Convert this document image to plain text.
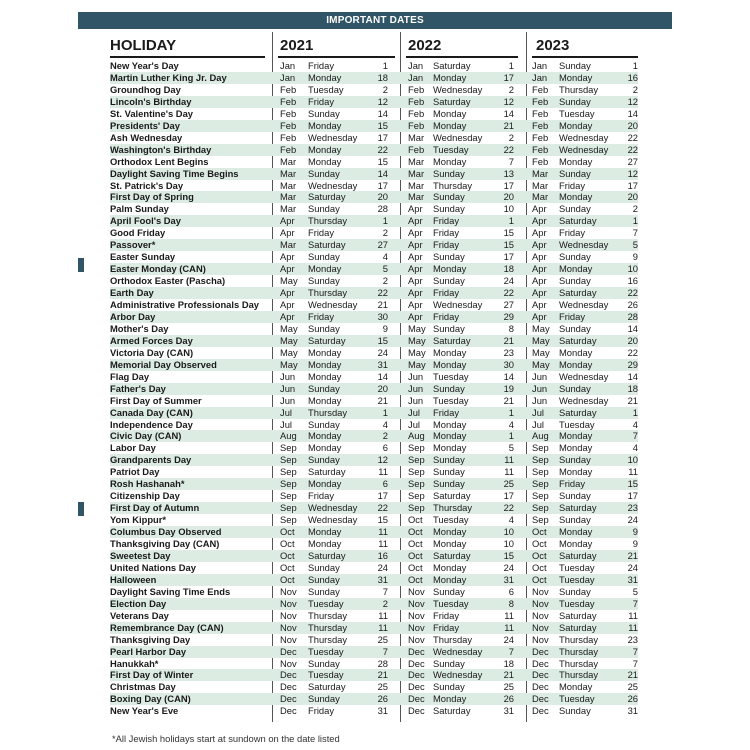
IMPORTANT DATES
HOLIDAY	2021	2022	2023
New Year's Day	Jan Friday	1 Jan Saturday	1 Jan Sunday	1
Martin Luther King Jr. Day	Jan Monday	18 Jan Monday	17 Jan Monday	16
Groundhog Day	Feb Tuesday	2 Feb Wednesday	2 Feb Thursday	2
Lincoln's Birthday	Feb Friday	12 Feb Saturday	12 Feb Sunday	12
St. Valentine's Day	Feb Sunday	14 Feb Monday	14 Feb Tuesday	14
Presidents' Day	Feb Monday	15 Feb Monday	21 Feb Monday	20
Ash Wednesday	Feb Wednesday	17 Mar Wednesday	2 Feb Wednesday	22
Washington's Birthday	Feb Monday	22 Feb Tuesday	22 Feb Wednesday	22
Orthodox Lent Begins	Mar Monday	15 Mar Monday	7 Feb Monday	27
Daylight Saving Time Begins	Mar Sunday	14 Mar Sunday	13 Mar Sunday	12
St. Patrick's Day	Mar Wednesday	17 Mar Thursday	17 Mar Friday	17
First Day of Spring	Mar Saturday	20 Mar Sunday	20 Mar Monday	20
Palm Sunday	Mar Sunday	28 Apr Sunday	10 Apr Sunday	2
April Fool's Day	Apr Thursday	1 Apr Friday	1 Apr Saturday	1
Good Friday	Apr Friday	2 Apr Friday	15 Apr Friday	7
Passover*	Mar Saturday	27 Apr Friday	15 Apr Wednesday	5
Easter Sunday	Apr Sunday	4 Apr Sunday	17 Apr Sunday	9
Easter Monday (CAN)	Apr Monday	5 Apr Monday	18 Apr Monday	10
Orthodox Easter (Pascha)	May Sunday	2 Apr Sunday	24 Apr Sunday	16
Earth Day	Apr Thursday	22 Apr Friday	22 Apr Saturday	22
Administrative Professionals Day Apr Wednesday	21 Apr Wednesday	27 Apr Wednesday	26
Arbor Day	Apr Friday	30 Apr Friday	29 Apr Friday	28
Mother's Day	May Sunday	9 May Sunday	8 May Sunday	14
Armed Forces Day	May Saturday	15 May Saturday	21 May Saturday	20
Victoria Day (CAN)	May Monday	24 May Monday	23 May Monday	22
Memorial Day Observed	May Monday	31 May Monday	30 May Monday	29
Flag Day	Jun Monday	14 Jun Tuesday	14 Jun Wednesday	14
Father's Day	Jun Sunday	20 Jun Sunday	19 Jun Sunday	18
First Day of Summer	Jun Monday	21 Jun Tuesday	21 Jun Wednesday	21
Canada Day (CAN)	Jul Thursday	1 Jul Friday	1 Jul Saturday	1
Independence Day	Jul Sunday	4 Jul Monday	4 Jul Tuesday	4
Civic Day (CAN)	Aug Monday	2 Aug Monday	1 Aug Monday	7
Labor Day	Sep Monday	6 Sep Monday	5 Sep Monday	4
Grandparents Day	Sep Sunday	12 Sep Sunday	11 Sep Sunday	10
Patriot Day	Sep Saturday	11 Sep Sunday	11 Sep Monday	11
Rosh Hashanah*	Sep Monday	6 Sep Sunday	25 Sep Friday	15
Citizenship Day	Sep Friday	17 Sep Saturday	17 Sep Sunday	17
First Day of Autumn	Sep Wednesday	22 Sep Thursday	22 Sep Saturday	23
Yom Kippur*	Sep Wednesday	15 Oct Tuesday	4 Sep Sunday	24
Columbus Day Observed	Oct Monday	11 Oct Monday	10 Oct Monday	9
Thanksgiving Day (CAN)	Oct Monday	11 Oct Monday	10 Oct Monday	9
Sweetest Day	Oct Saturday	16 Oct Saturday	15 Oct Saturday	21
United Nations Day	Oct Sunday	24 Oct Monday	24 Oct Tuesday	24
Halloween	Oct Sunday	31 Oct Monday	31 Oct Tuesday	31
Daylight Saving Time Ends	Nov Sunday	7 Nov Sunday	6 Nov Sunday	5
Election Day	Nov Tuesday	2 Nov Tuesday	8 Nov Tuesday	7
Veterans Day	Nov Thursday	11 Nov Friday	11 Nov Saturday	11
Remembrance Day (CAN)	Nov Thursday	11 Nov Friday	11 Nov Saturday	11
Thanksgiving Day	Nov Thursday	25 Nov Thursday	24 Nov Thursday	23
Pearl Harbor Day	Dec Tuesday	7 Dec Wednesday	7 Dec Thursday	7
Hanukkah*	Nov Sunday	28 Dec Sunday	18 Dec Thursday	7
First Day of Winter	Dec Tuesday	21 Dec Wednesday	21 Dec Thursday	21
Christmas Day	Dec Saturday	25 Dec Sunday	25 Dec Monday	25
Boxing Day (CAN)	Dec Sunday	26 Dec Monday	26 Dec Tuesday	26
New Year's Eve	Dec Friday	31 Dec Saturday	31 Dec Sunday	31
*All Jewish holidays start at sundown on the date listed
